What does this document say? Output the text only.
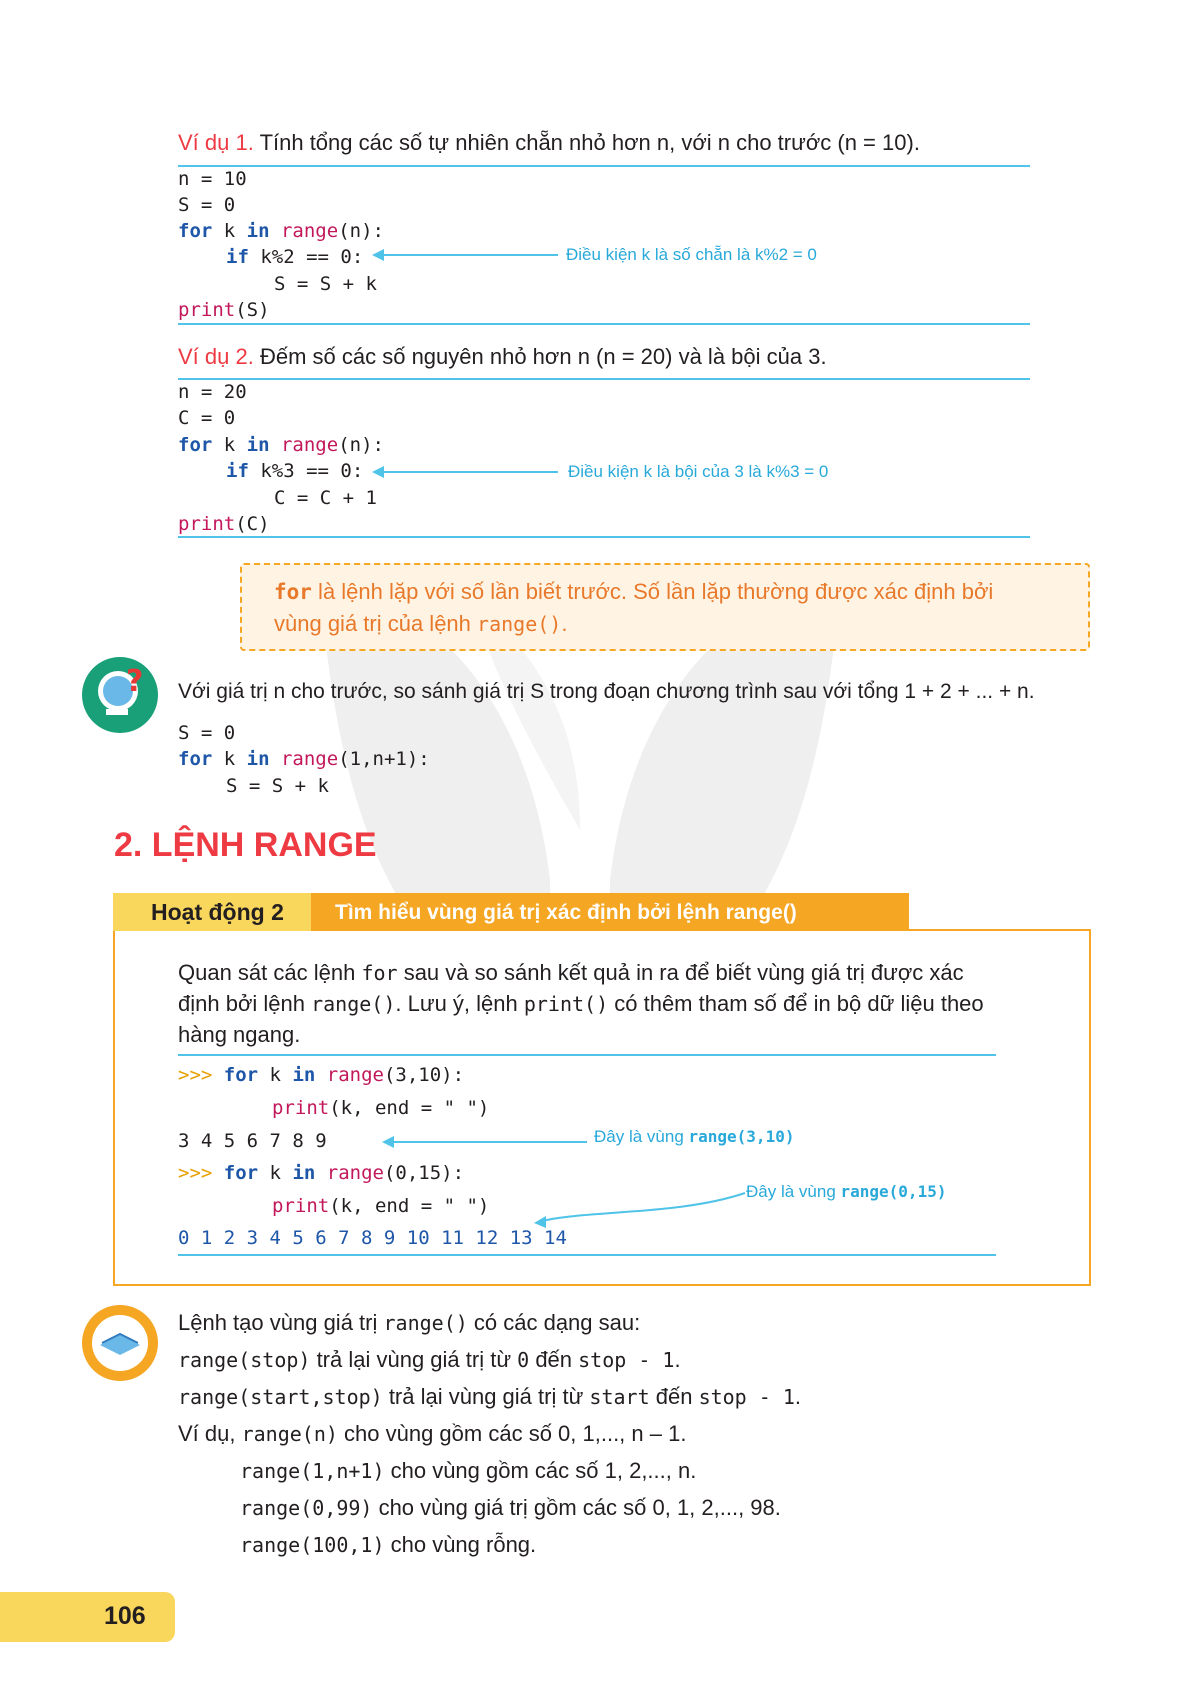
Ví dụ 1. Tính tổng các số tự nhiên chẵn nhỏ hơn n, với n cho trước (n = 10).
n = 10
S = 0
for k in range(n):
if k%2 == 0:
S = S + k
print(S)
Điều kiện k là số chẵn là k%2 = 0
Ví dụ 2. Đếm số các số nguyên nhỏ hơn n (n = 20) và là bội của 3.
n = 20
C = 0
for k in range(n):
if k%3 == 0:
C = C + 1
print(C)
Điều kiện k là bội của 3 là k%3 = 0
for là lệnh lặp với số lần biết trước. Số lần lặp thường được xác định bởi
vùng giá trị của lệnh range().
? Với giá trị n cho trước, so sánh giá trị S trong đoạn chương trình sau với tổng 1 + 2 + ... + n.
S = 0
for k in range(1,n+1):
S = S + k
2. LỆNH RANGE
Hoạt động 2 Tìm hiểu vùng giá trị xác định bởi lệnh range()
Quan sát các lệnh for sau và so sánh kết quả in ra để biết vùng giá trị được xác
định bởi lệnh range(). Lưu ý, lệnh print() có thêm tham số để in bộ dữ liệu theo
hàng ngang.
>>> for k in range(3,10):
print(k, end = " ")
3 4 5 6 7 8 9	Đây là vùng range(3,10)
>>> for k in range(0,15):
print(k, end = " ")
0 1 2 3 4 5 6 7 8 9 10 11 12 13 14
Đây là vùng range(0,15)
Lệnh tạo vùng giá trị range() có các dạng sau:
range(stop) trả lại vùng giá trị từ 0 đến stop - 1.
range(start,stop) trả lại vùng giá trị từ start đến stop - 1.
Ví dụ, range(n) cho vùng gồm các số 0, 1,..., n – 1.
range(1,n+1) cho vùng gồm các số 1, 2,..., n.
range(0,99) cho vùng giá trị gồm các số 0, 1, 2,..., 98.
range(100,1) cho vùng rỗng.
106
